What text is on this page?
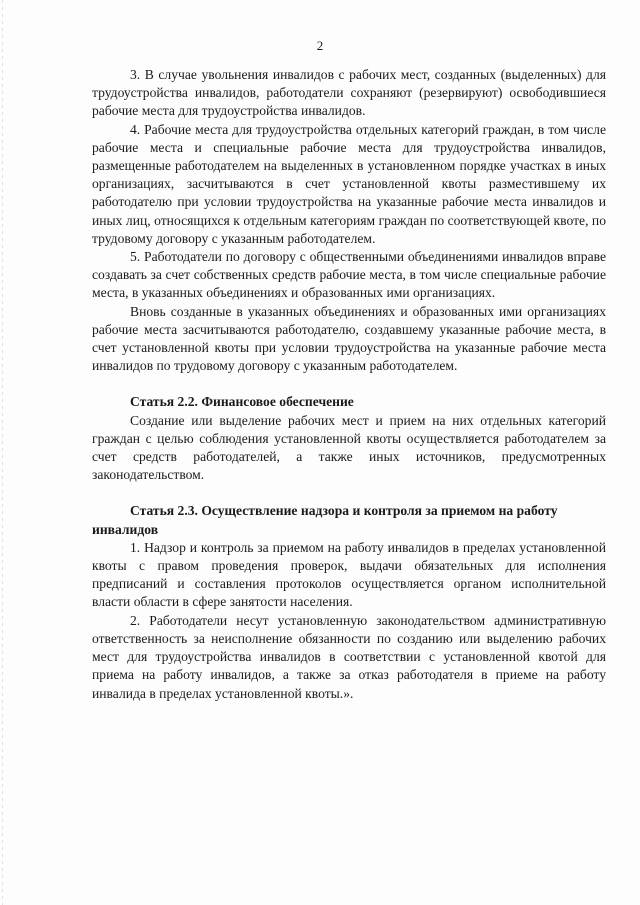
2

3. В случае увольнения инвалидов с рабочих мест, созданных (выделенных) для трудоустройства инвалидов, работодатели сохраняют (резервируют) освободившиеся рабочие места для трудоустройства инвалидов.

4. Рабочие места для трудоустройства отдельных категорий граждан, в том числе рабочие места и специальные рабочие места для трудоустройства инвалидов, размещенные работодателем на выделенных в установленном порядке участках в иных организациях, засчитываются в счет установленной квоты разместившему их работодателю при условии трудоустройства на указанные рабочие места инвалидов и иных лиц, относящихся к отдельным категориям граждан по соответствующей квоте, по трудовому договору с указанным работодателем.

5. Работодатели по договору с общественными объединениями инвалидов вправе создавать за счет собственных средств рабочие места, в том числе специальные рабочие места, в указанных объединениях и образованных ими организациях.

Вновь созданные в указанных объединениях и образованных ими организациях рабочие места засчитываются работодателю, создавшему указанные рабочие места, в счет установленной квоты при условии трудоустройства на указанные рабочие места инвалидов по трудовому договору с указанным работодателем.

Статья 2.2. Финансовое обеспечение

Создание или выделение рабочих мест и прием на них отдельных категорий граждан с целью соблюдения установленной квоты осуществляется работодателем за счет средств работодателей, а также иных источников, предусмотренных законодательством.

Статья 2.3. Осуществление надзора и контроля за приемом на работу инвалидов

1. Надзор и контроль за приемом на работу инвалидов в пределах установленной квоты с правом проведения проверок, выдачи обязательных для исполнения предписаний и составления протоколов осуществляется органом исполнительной власти области в сфере занятости населения.

2. Работодатели несут установленную законодательством административную ответственность за неисполнение обязанности по созданию или выделению рабочих мест для трудоустройства инвалидов в соответствии с установленной квотой для приема на работу инвалидов, а также за отказ работодателя в приеме на работу инвалида в пределах установленной квоты.».
